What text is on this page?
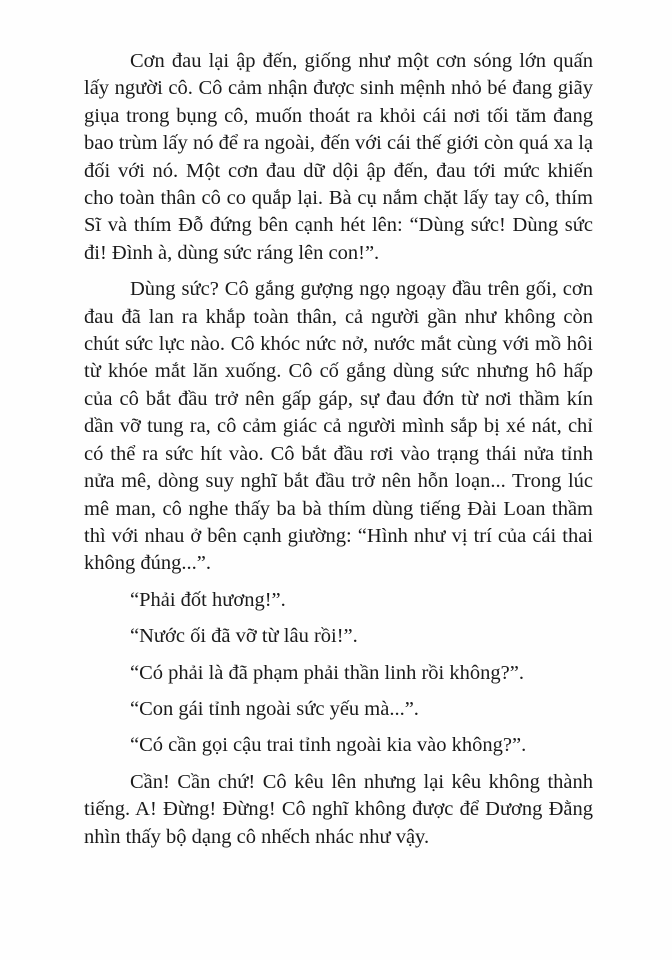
Cơn đau lại ập đến, giống như một cơn sóng lớn quấn lấy người cô. Cô cảm nhận được sinh mệnh nhỏ bé đang giãy giụa trong bụng cô, muốn thoát ra khỏi cái nơi tối tăm đang bao trùm lấy nó để ra ngoài, đến với cái thế giới còn quá xa lạ đối với nó. Một cơn đau dữ dội ập đến, đau tới mức khiến cho toàn thân cô co quắp lại. Bà cụ nắm chặt lấy tay cô, thím Sĩ và thím Đỗ đứng bên cạnh hét lên: “Dùng sức! Dùng sức đi! Đình à, dùng sức ráng lên con!”.

Dùng sức? Cô gắng gượng ngọ ngoạy đầu trên gối, cơn đau đã lan ra khắp toàn thân, cả người gần như không còn chút sức lực nào. Cô khóc nức nở, nước mắt cùng với mồ hôi từ khóe mắt lăn xuống. Cô cố gắng dùng sức nhưng hô hấp của cô bắt đầu trở nên gấp gáp, sự đau đớn từ nơi thầm kín dần vỡ tung ra, cô cảm giác cả người mình sắp bị xé nát, chỉ có thể ra sức hít vào. Cô bắt đầu rơi vào trạng thái nửa tỉnh nửa mê, dòng suy nghĩ bắt đầu trở nên hỗn loạn... Trong lúc mê man, cô nghe thấy ba bà thím dùng tiếng Đài Loan thầm thì với nhau ở bên cạnh giường: “Hình như vị trí của cái thai không đúng...”.

“Phải đốt hương!”.

“Nước ối đã vỡ từ lâu rồi!”.

“Có phải là đã phạm phải thần linh rồi không?”.

“Con gái tỉnh ngoài sức yếu mà...”.

“Có cần gọi cậu trai tỉnh ngoài kia vào không?”.

Cần! Cần chứ! Cô kêu lên nhưng lại kêu không thành tiếng. A! Đừng! Đừng! Cô nghĩ không được để Dương Đằng nhìn thấy bộ dạng cô nhếch nhác như vậy.
